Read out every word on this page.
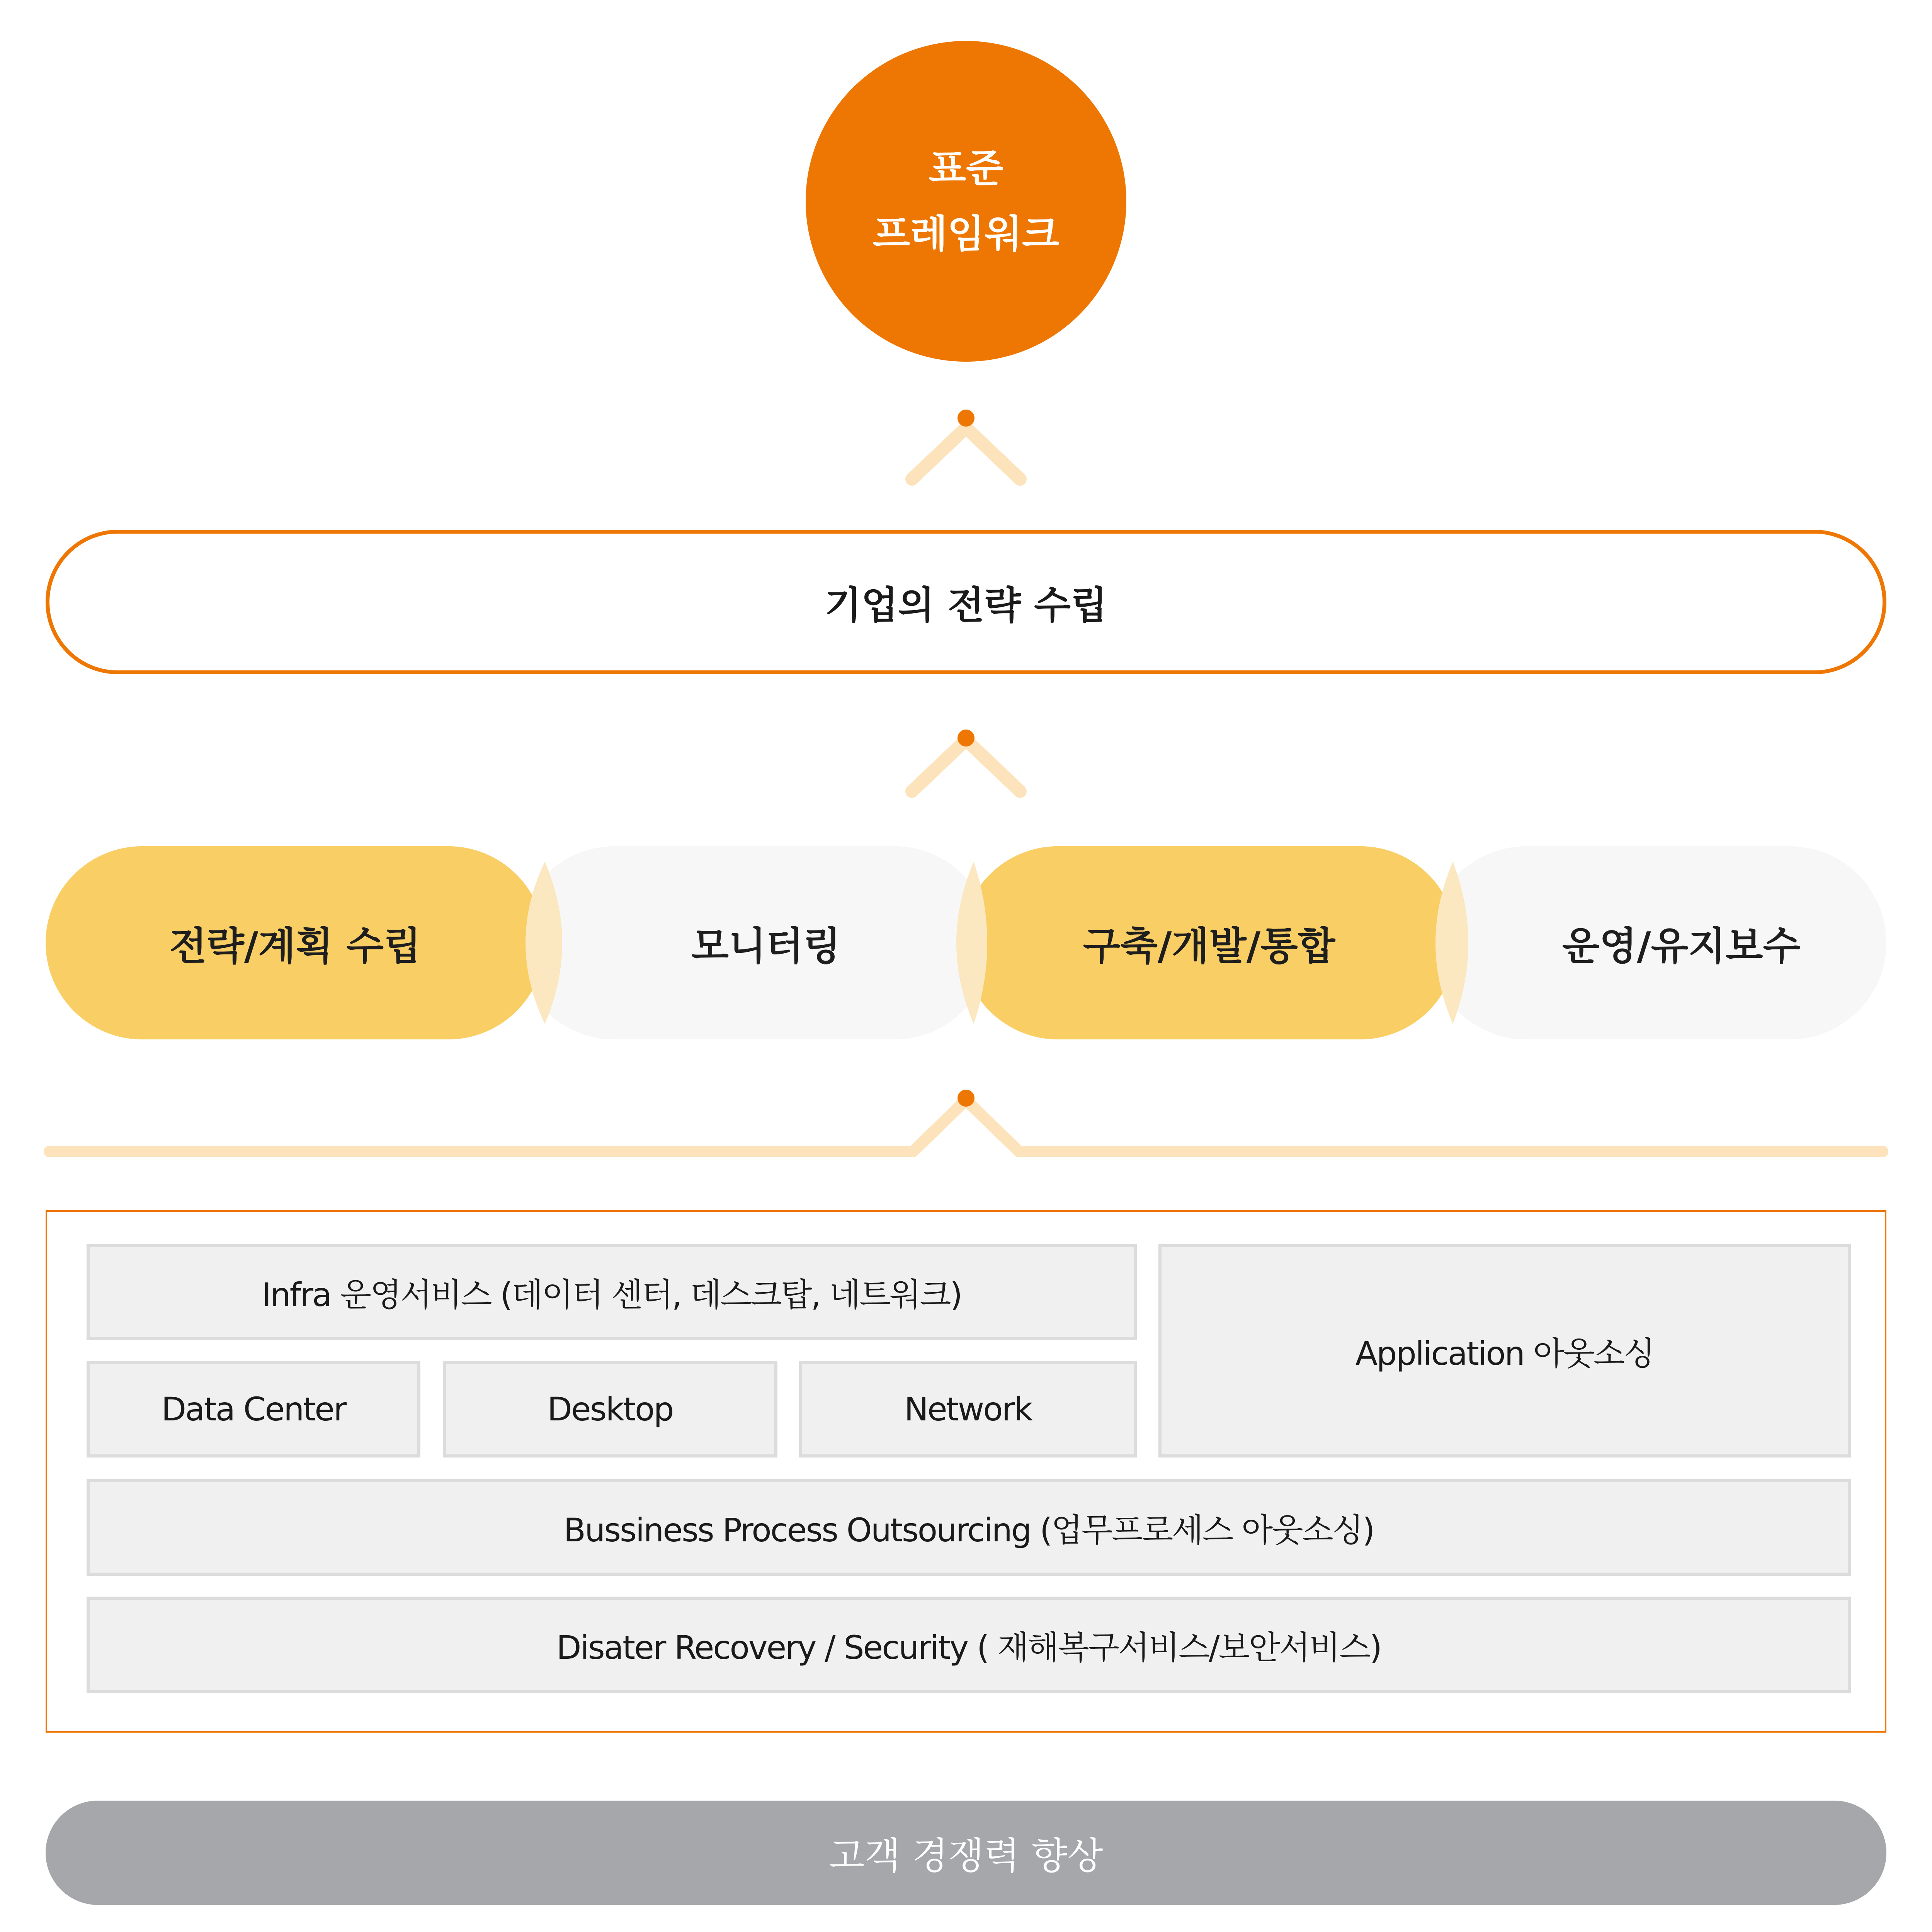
표준
프레임워크
기업의 전략 수립
모니터링	운영/유지보수
전략/계획 수립	구축/개발/통합
Infra 운영서비스 (데이터 센터, 데스크탑, 네트워크)
Application 아웃소싱
Data Center	Desktop	Network
Bussiness Process Outsourcing (업무프로세스 아웃소싱)
Disater Recovery / Security ( 재해복구서비스/보안서비스)
고객 경쟁력 향상
